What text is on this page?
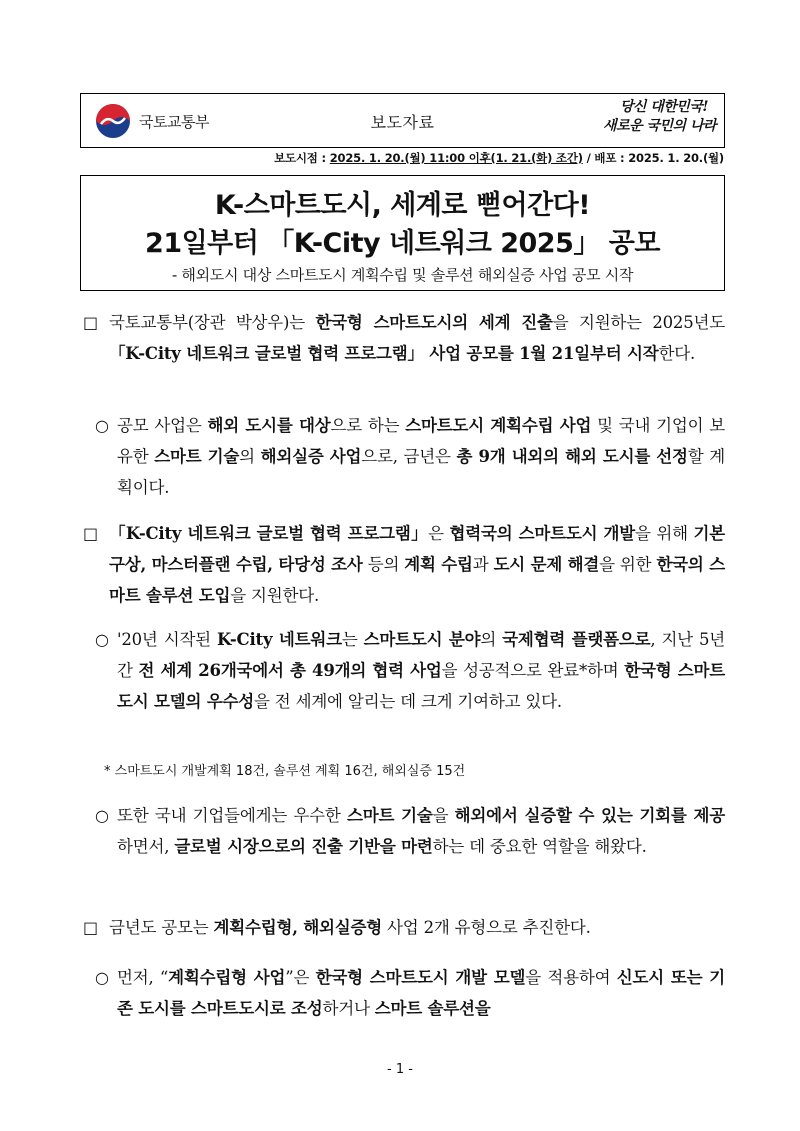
국토교통부	보도자료
당신 대한민국!
새로운 국민의 나라
보도시점 : 2025. 1. 20.(월) 11:00 이후(1. 21.(화) 조간) / 배포 : 2025. 1. 20.(월)
K-스마트도시, 세계로 뻗어간다!
21일부터 「K-City 네트워크 2025」 공모
- 해외도시 대상 스마트도시 계획수립 및 솔루션 해외실증 사업 공모 시작
□ 국토교통부(장관 박상우)는 한국형 스마트도시의 세계 진출을 지원하는 2025년도 「K-City 네트워크 글로벌 협력 프로그램」 사업 공모를 1월 21일부터 시작한다.
○ 공모 사업은 해외 도시를 대상으로 하는 스마트도시 계획수립 사업 및 국내 기업이 보유한 스마트 기술의 해외실증 사업으로, 금년은 총 9개 내외의 해외 도시를 선정할 계획이다.
□ 「K-City 네트워크 글로벌 협력 프로그램」은 협력국의 스마트도시 개발을 위해 기본구상, 마스터플랜 수립, 타당성 조사 등의 계획 수립과 도시 문제 해결을 위한 한국의 스마트 솔루션 도입을 지원한다.
○ '20년 시작된 K-City 네트워크는 스마트도시 분야의 국제협력 플랫폼으로, 지난 5년간 전 세계 26개국에서 총 49개의 협력 사업을 성공적으로 완료*하며 한국형 스마트도시 모델의 우수성을 전 세계에 알리는 데 크게 기여하고 있다.
* 스마트도시 개발계획 18건, 솔루션 계획 16건, 해외실증 15건
○ 또한 국내 기업들에게는 우수한 스마트 기술을 해외에서 실증할 수 있는 기회를 제공하면서, 글로벌 시장으로의 진출 기반을 마련하는 데 중요한 역할을 해왔다.
□ 금년도 공모는 계획수립형, 해외실증형 사업 2개 유형으로 추진한다.
○ 먼저, “계획수립형 사업”은 한국형 스마트도시 개발 모델을 적용하여 신도시 또는 기존 도시를 스마트도시로 조성하거나 스마트 솔루션을
- 1 -
